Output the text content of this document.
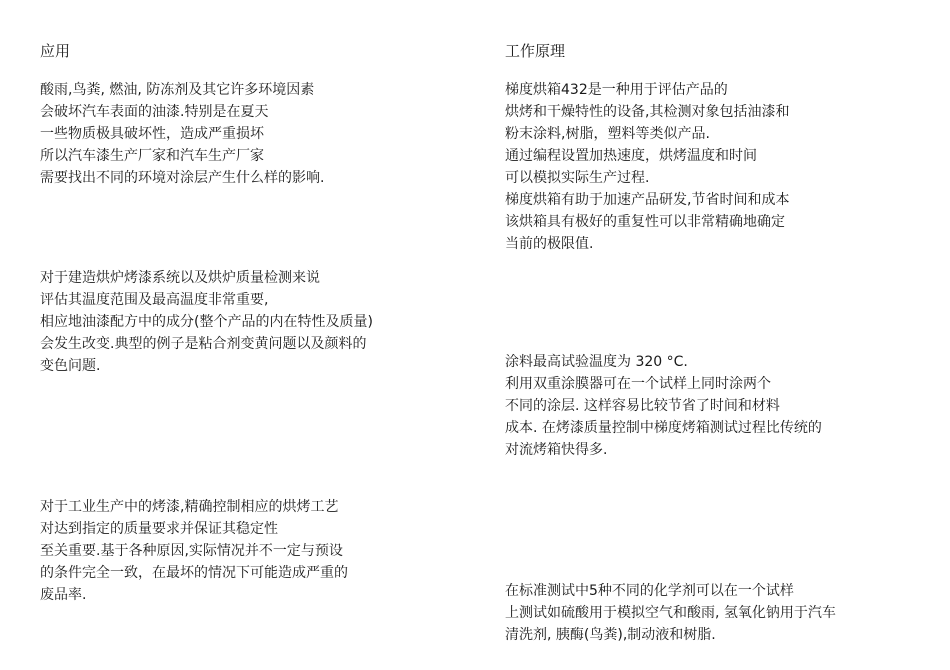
应用

酸雨,鸟粪, 燃油, 防冻剂及其它许多环境因素
会破坏汽车表面的油漆.特别是在夏天
一些物质极具破坏性，造成严重损坏
所以汽车漆生产厂家和汽车生产厂家
需要找出不同的环境对涂层产生什么样的影响.

对于建造烘炉烤漆系统以及烘炉质量检测来说
评估其温度范围及最高温度非常重要,
相应地油漆配方中的成分(整个产品的内在特性及质量)
会发生改变.典型的例子是粘合剂变黄问题以及颜料的
变色问题.

对于工业生产中的烤漆,精确控制相应的烘烤工艺
对达到指定的质量要求并保证其稳定性
至关重要.基于各种原因,实际情况并不一定与预设
的条件完全一致，在最坏的情况下可能造成严重的
废品率.

工作原理

梯度烘箱432是一种用于评估产品的
烘烤和干燥特性的设备,其检测对象包括油漆和
粉末涂料,树脂，塑料等类似产品.
通过编程设置加热速度，烘烤温度和时间
可以模拟实际生产过程.
梯度烘箱有助于加速产品研发,节省时间和成本
该烘箱具有极好的重复性可以非常精确地确定
当前的极限值.

涂料最高试验温度为 320 °C.
利用双重涂膜器可在一个试样上同时涂两个
不同的涂层. 这样容易比较节省了时间和材料
成本. 在烤漆质量控制中梯度烤箱测试过程比传统的
对流烤箱快得多.

在标准测试中5种不同的化学剂可以在一个试样
上测试如硫酸用于模拟空气和酸雨, 氢氧化钠用于汽车
清洗剂, 胰酶(鸟粪),制动液和树脂.
